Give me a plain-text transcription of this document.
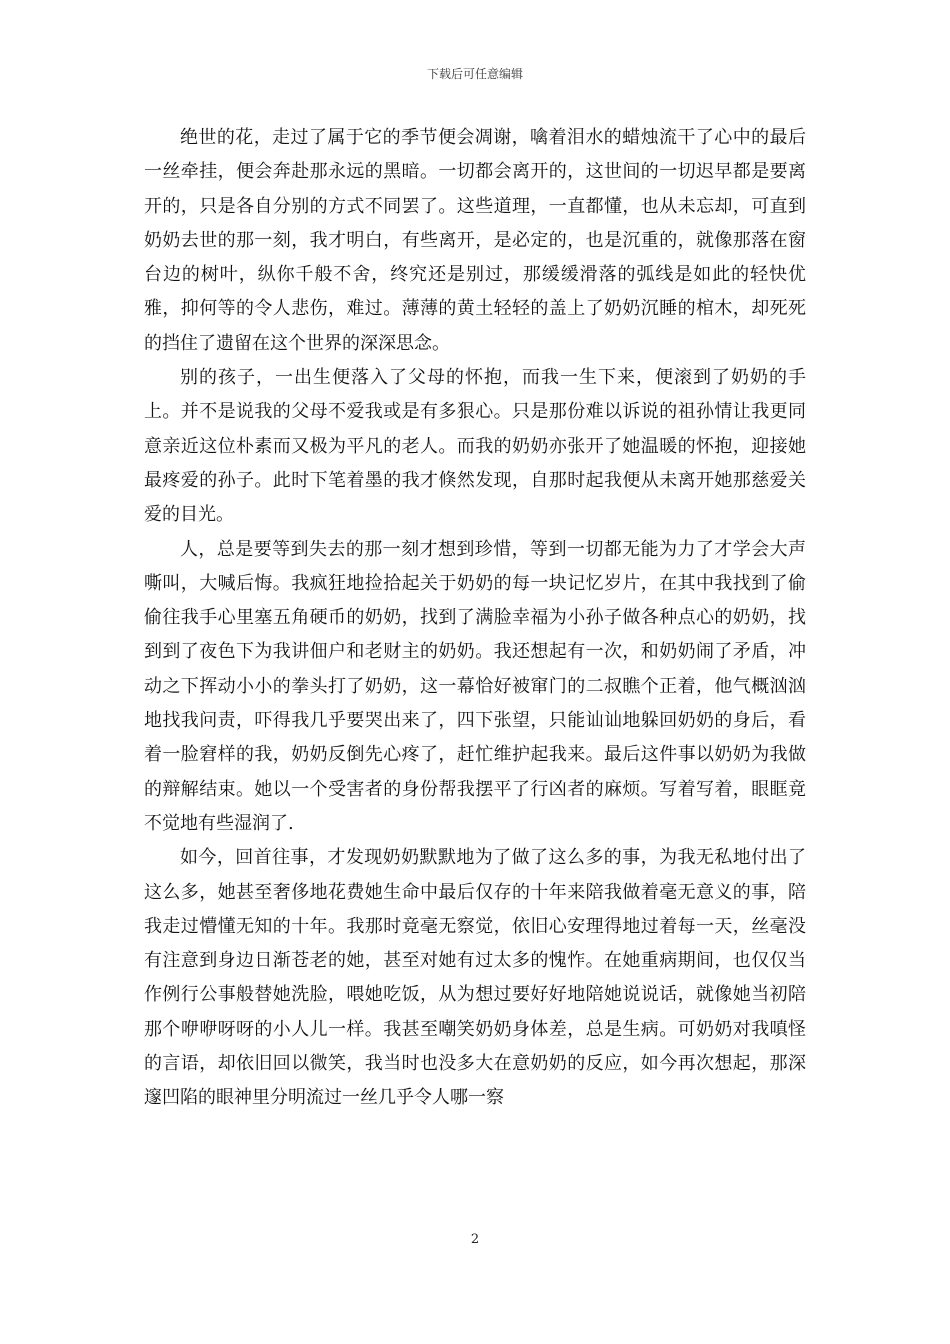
下载后可任意编辑

绝世的花，走过了属于它的季节便会凋谢，噙着泪水的蜡烛流干了心中的最后一丝牵挂，便会奔赴那永远的黑暗。一切都会离开的，这世间的一切迟早都是要离开的，只是各自分别的方式不同罢了。这些道理，一直都懂，也从未忘却，可直到奶奶去世的那一刻，我才明白，有些离开，是必定的，也是沉重的，就像那落在窗台边的树叶，纵你千般不舍，终究还是别过，那缓缓滑落的弧线是如此的轻快优雅，抑何等的令人悲伤，难过。薄薄的黄土轻轻的盖上了奶奶沉睡的棺木，却死死的挡住了遗留在这个世界的深深思念。

别的孩子，一出生便落入了父母的怀抱，而我一生下来，便滚到了奶奶的手上。并不是说我的父母不爱我或是有多狠心。只是那份难以诉说的祖孙情让我更同意亲近这位朴素而又极为平凡的老人。而我的奶奶亦张开了她温暖的怀抱，迎接她最疼爱的孙子。此时下笔着墨的我才倏然发现，自那时起我便从未离开她那慈爱关爱的目光。

人，总是要等到失去的那一刻才想到珍惜，等到一切都无能为力了才学会大声嘶叫，大喊后悔。我疯狂地捡拾起关于奶奶的每一块记忆岁片，在其中我找到了偷偷往我手心里塞五角硬币的奶奶，找到了满脸幸福为小孙子做各种点心的奶奶，找到到了夜色下为我讲佃户和老财主的奶奶。我还想起有一次，和奶奶闹了矛盾，冲动之下挥动小小的拳头打了奶奶，这一幕恰好被窜门的二叔瞧个正着，他气概汹汹地找我问责，吓得我几乎要哭出来了，四下张望，只能讪讪地躲回奶奶的身后，看着一脸窘样的我，奶奶反倒先心疼了，赶忙维护起我来。最后这件事以奶奶为我做的辩解结束。她以一个受害者的身份帮我摆平了行凶者的麻烦。写着写着，眼眶竟不觉地有些湿润了.

如今，回首往事，才发现奶奶默默地为了做了这么多的事，为我无私地付出了这么多，她甚至奢侈地花费她生命中最后仅存的十年来陪我做着毫无意义的事，陪我走过懵懂无知的十年。我那时竟毫无察觉，依旧心安理得地过着每一天，丝毫没有注意到身边日渐苍老的她，甚至对她有过太多的愧怍。在她重病期间，也仅仅当作例行公事般替她洗脸，喂她吃饭，从为想过要好好地陪她说说话，就像她当初陪那个咿咿呀呀的小人儿一样。我甚至嘲笑奶奶身体差，总是生病。可奶奶对我嗔怪的言语，却依旧回以微笑，我当时也没多大在意奶奶的反应，如今再次想起，那深邃凹陷的眼神里分明流过一丝几乎令人哪一察

2
